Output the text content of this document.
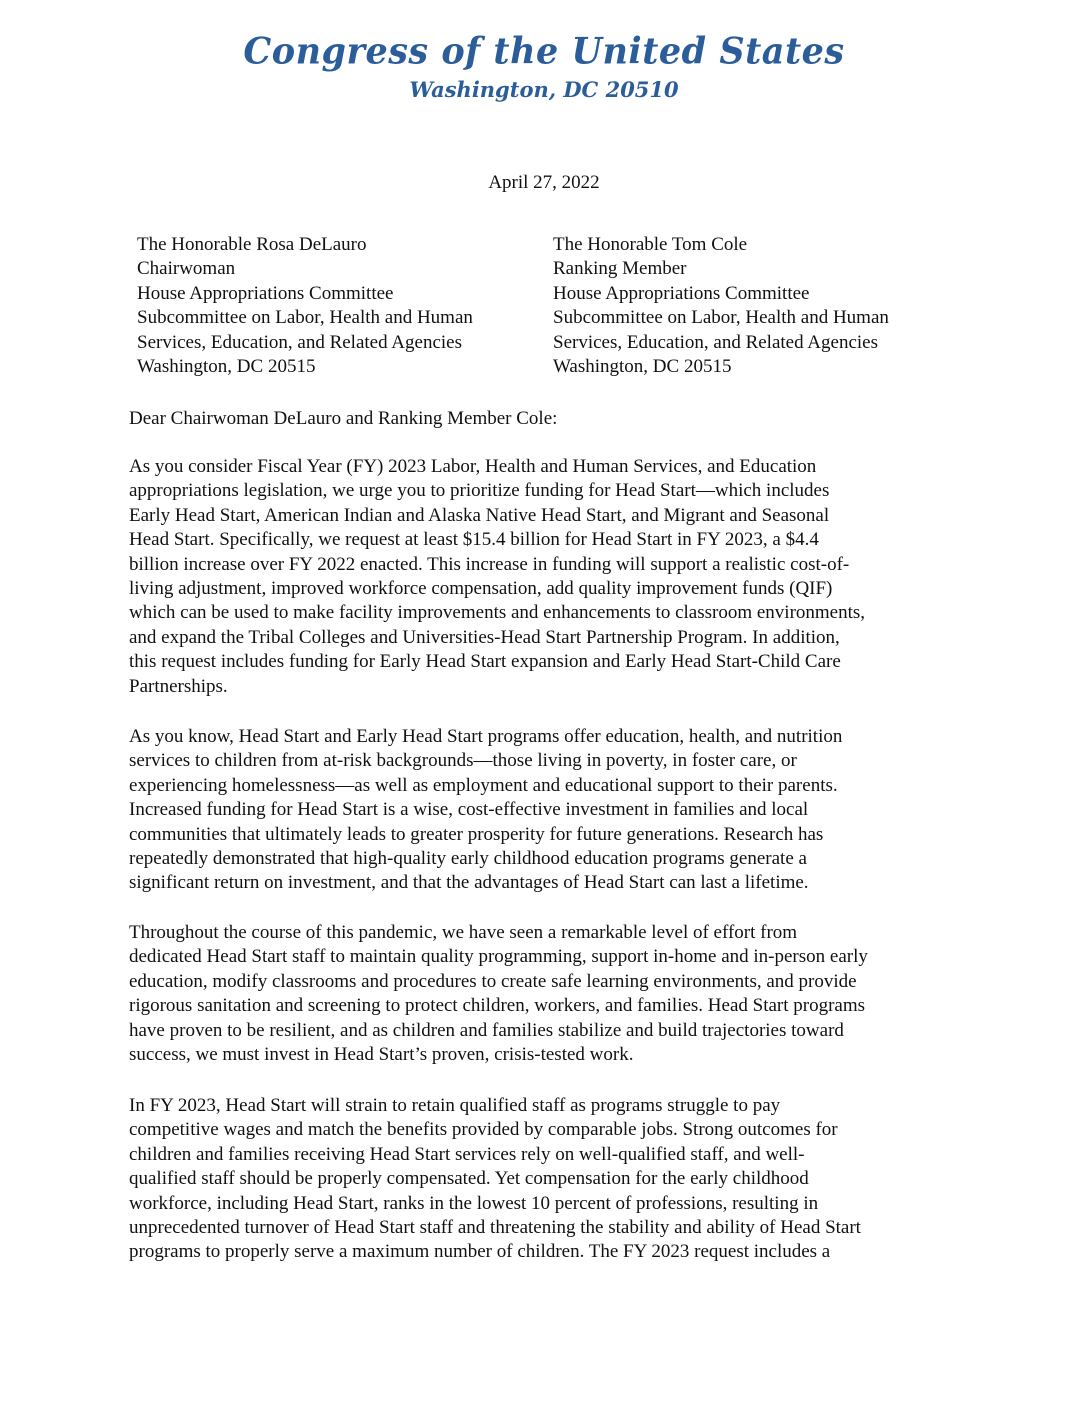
Congress of the United States
Washington, DC 20510
April 27, 2022
The Honorable Rosa DeLauro
Chairwoman
House Appropriations Committee
Subcommittee on Labor, Health and Human
Services, Education, and Related Agencies
Washington, DC 20515
The Honorable Tom Cole
Ranking Member
House Appropriations Committee
Subcommittee on Labor, Health and Human
Services, Education, and Related Agencies
Washington, DC 20515
Dear Chairwoman DeLauro and Ranking Member Cole:
As you consider Fiscal Year (FY) 2023 Labor, Health and Human Services, and Education
appropriations legislation, we urge you to prioritize funding for Head Start—which includes
Early Head Start, American Indian and Alaska Native Head Start, and Migrant and Seasonal
Head Start. Specifically, we request at least $15.4 billion for Head Start in FY 2023, a $4.4
billion increase over FY 2022 enacted. This increase in funding will support a realistic cost-of-
living adjustment, improved workforce compensation, add quality improvement funds (QIF)
which can be used to make facility improvements and enhancements to classroom environments,
and expand the Tribal Colleges and Universities-Head Start Partnership Program. In addition,
this request includes funding for Early Head Start expansion and Early Head Start-Child Care
Partnerships.
As you know, Head Start and Early Head Start programs offer education, health, and nutrition
services to children from at-risk backgrounds—those living in poverty, in foster care, or
experiencing homelessness—as well as employment and educational support to their parents.
Increased funding for Head Start is a wise, cost-effective investment in families and local
communities that ultimately leads to greater prosperity for future generations. Research has
repeatedly demonstrated that high-quality early childhood education programs generate a
significant return on investment, and that the advantages of Head Start can last a lifetime.
Throughout the course of this pandemic, we have seen a remarkable level of effort from
dedicated Head Start staff to maintain quality programming, support in-home and in-person early
education, modify classrooms and procedures to create safe learning environments, and provide
rigorous sanitation and screening to protect children, workers, and families. Head Start programs
have proven to be resilient, and as children and families stabilize and build trajectories toward
success, we must invest in Head Start’s proven, crisis-tested work.
In FY 2023, Head Start will strain to retain qualified staff as programs struggle to pay
competitive wages and match the benefits provided by comparable jobs. Strong outcomes for
children and families receiving Head Start services rely on well-qualified staff, and well-
qualified staff should be properly compensated. Yet compensation for the early childhood
workforce, including Head Start, ranks in the lowest 10 percent of professions, resulting in
unprecedented turnover of Head Start staff and threatening the stability and ability of Head Start
programs to properly serve a maximum number of children. The FY 2023 request includes a
